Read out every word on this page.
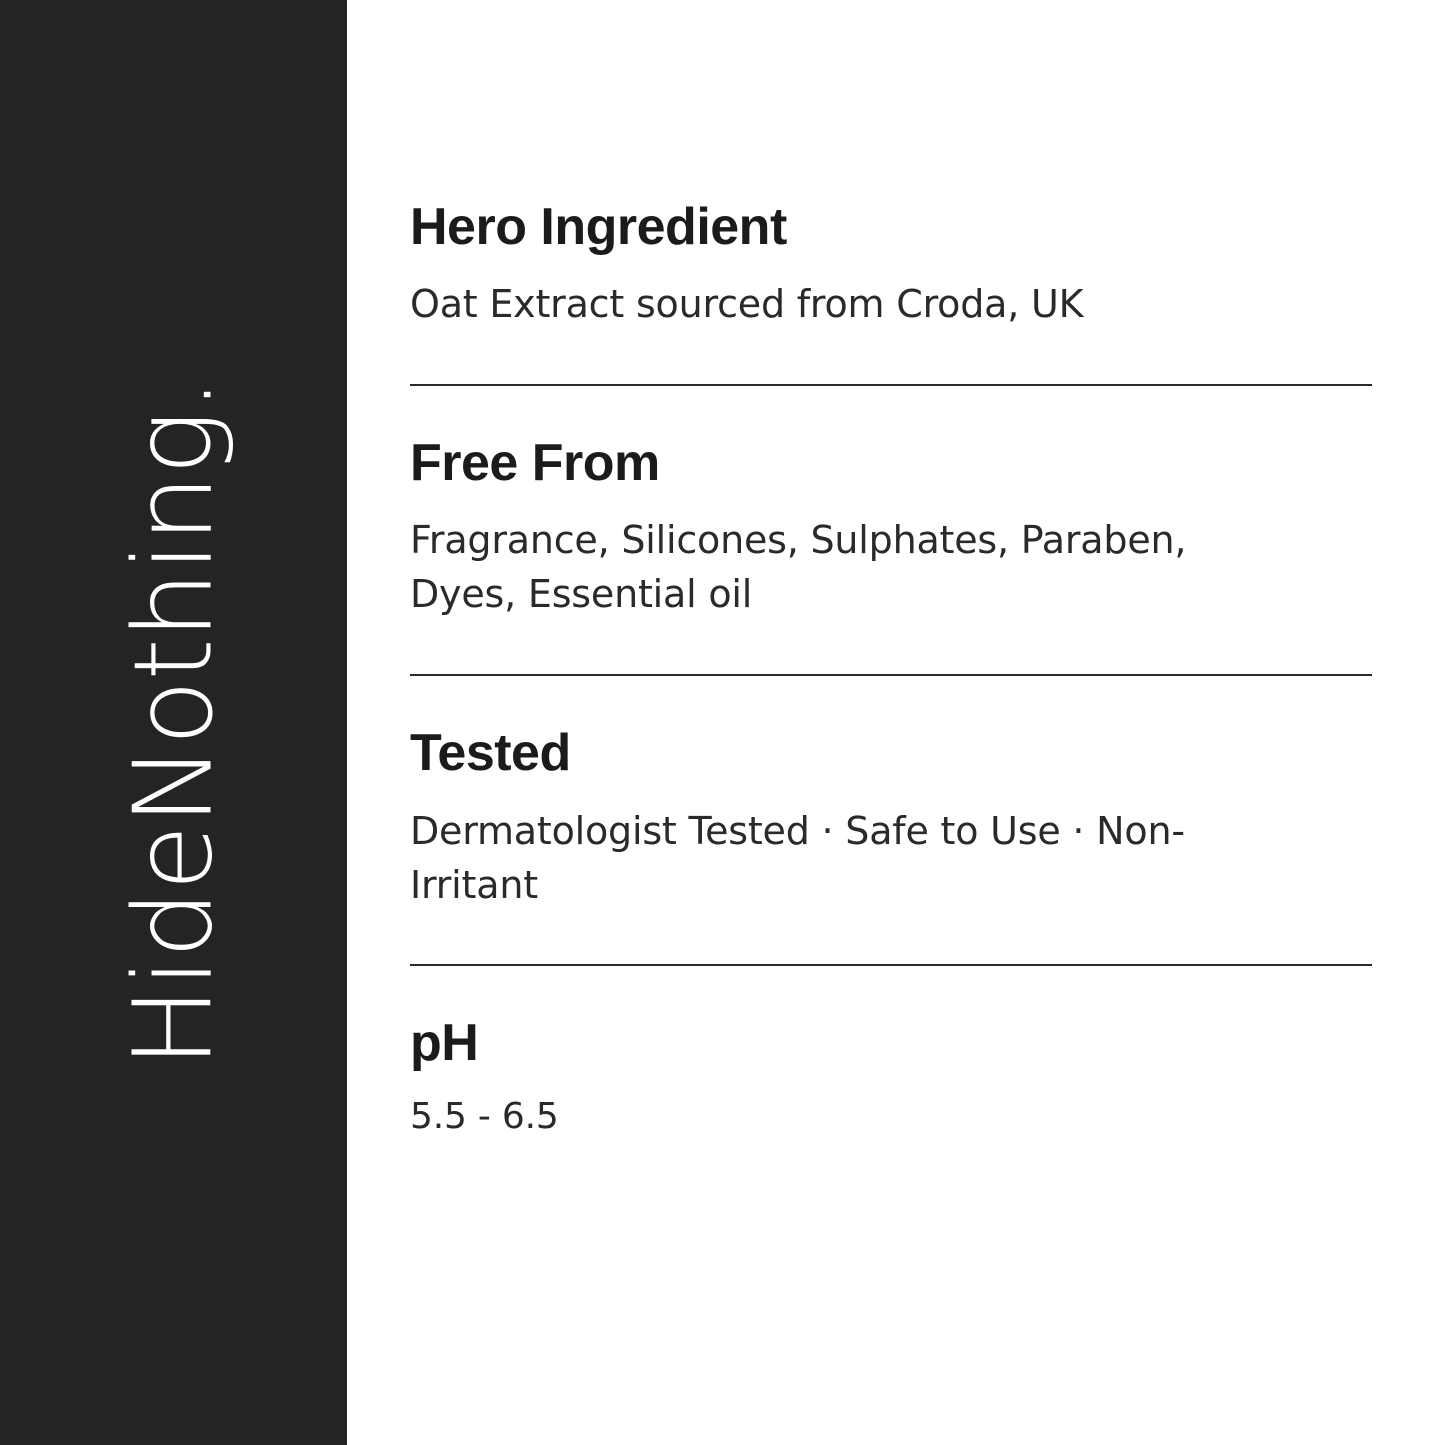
HideNothing.
Hero Ingredient

Oat Extract sourced from Croda, UK

Free From

Fragrance, Silicones, Sulphates, Paraben, Dyes, Essential oil

Tested

Dermatologist Tested · Safe to Use · Non-Irritant

pH

5.5 - 6.5
